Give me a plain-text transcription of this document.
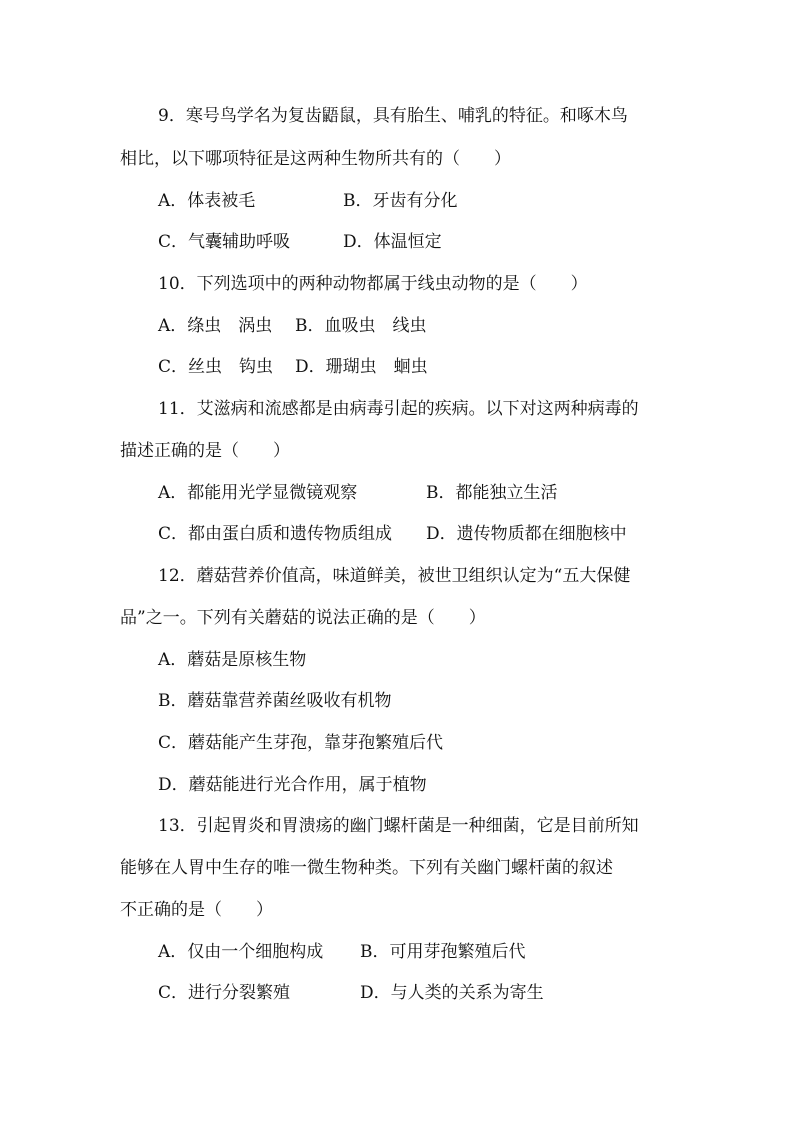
9．寒号鸟学名为复齿鼯鼠，具有胎生、哺乳的特征。和啄木鸟
相比，以下哪项特征是这两种生物所共有的（　　）
A．体表被毛	B．牙齿有分化
C．气囊辅助呼吸	D．体温恒定
10．下列选项中的两种动物都属于线虫动物的是（　　）
A．绦虫　涡虫 B．血吸虫　线虫
C．丝虫　钩虫 D．珊瑚虫　蛔虫
11．艾滋病和流感都是由病毒引起的疾病。以下对这两种病毒的
描述正确的是（　　）
A．都能用光学显微镜观察	B．都能独立生活
C．都由蛋白质和遗传物质组成 D．遗传物质都在细胞核中
12．蘑菇营养价值高，味道鲜美，被世卫组织认定为“五大保健
品”之一。下列有关蘑菇的说法正确的是（　　）
A．蘑菇是原核生物
B．蘑菇靠营养菌丝吸收有机物
C．蘑菇能产生芽孢，靠芽孢繁殖后代
D．蘑菇能进行光合作用，属于植物
13．引起胃炎和胃溃疡的幽门螺杆菌是一种细菌，它是目前所知
能够在人胃中生存的唯一微生物种类。下列有关幽门螺杆菌的叙述
不正确的是（　　）
A．仅由一个细胞构成 B．可用芽孢繁殖后代
C．进行分裂繁殖	D．与人类的关系为寄生
